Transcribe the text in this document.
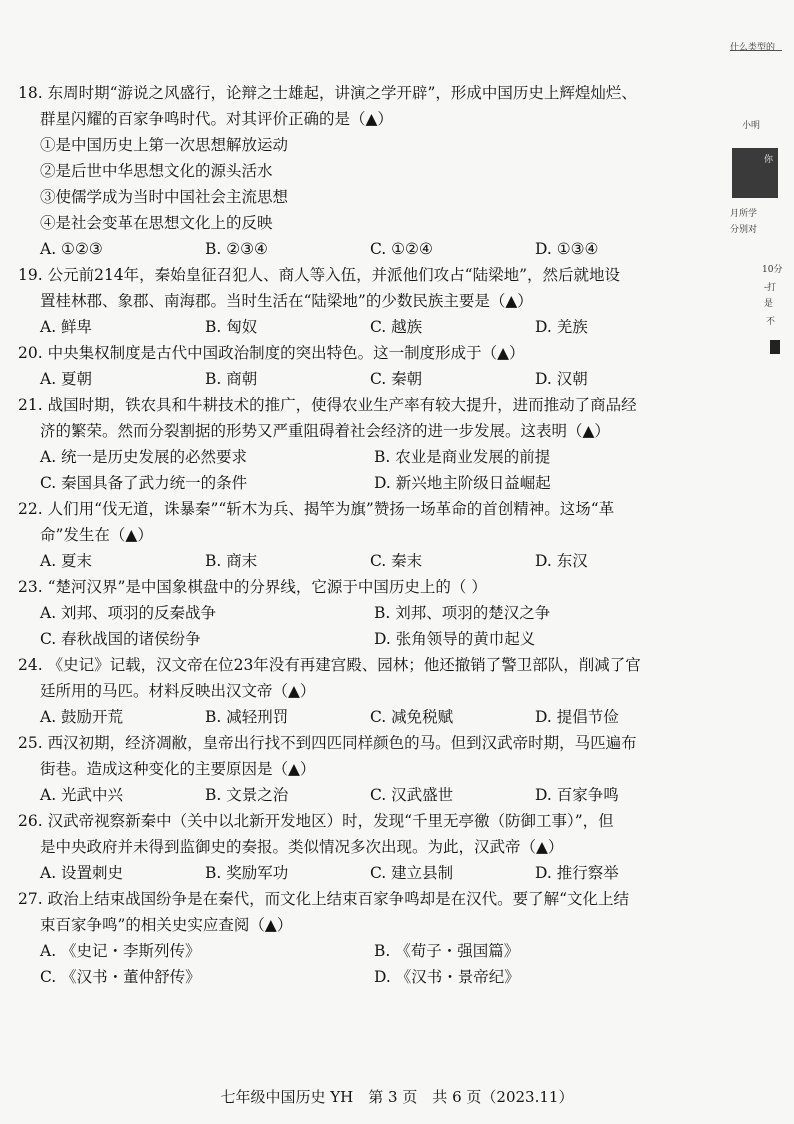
18. 东周时期“游说之风盛行，论辩之士雄起，讲演之学开辟”，形成中国历史上辉煌灿烂、
群星闪耀的百家争鸣时代。对其评价正确的是（▲）
①是中国历史上第一次思想解放运动
②是后世中华思想文化的源头活水
③使儒学成为当时中国社会主流思想
④是社会变革在思想文化上的反映
A. ①②③	B. ②③④	C. ①②④	D. ①③④
19. 公元前214年，秦始皇征召犯人、商人等入伍，并派他们攻占“陆梁地”，然后就地设
置桂林郡、象郡、南海郡。当时生活在“陆梁地”的少数民族主要是（▲）
A. 鲜卑	B. 匈奴	C. 越族	D. 羌族
20. 中央集权制度是古代中国政治制度的突出特色。这一制度形成于（▲）
A. 夏朝	B. 商朝	C. 秦朝	D. 汉朝
21. 战国时期，铁农具和牛耕技术的推广，使得农业生产率有较大提升，进而推动了商品经
济的繁荣。然而分裂割据的形势又严重阻碍着社会经济的进一步发展。这表明（▲）
A. 统一是历史发展的必然要求	B. 农业是商业发展的前提
C. 秦国具备了武力统一的条件	D. 新兴地主阶级日益崛起
22. 人们用“伐无道，诛暴秦”“斩木为兵、揭竿为旗”赞扬一场革命的首创精神。这场“革
命”发生在（▲）
A. 夏末	B. 商末	C. 秦末	D. 东汉
23. “楚河汉界”是中国象棋盘中的分界线，它源于中国历史上的（ ）
A. 刘邦、项羽的反秦战争	B. 刘邦、项羽的楚汉之争
C. 春秋战国的诸侯纷争	D. 张角领导的黄巾起义
24. 《史记》记载，汉文帝在位23年没有再建宫殿、园林；他还撤销了警卫部队，削减了官
廷所用的马匹。材料反映出汉文帝（▲）
A. 鼓励开荒	B. 减轻刑罚	C. 减免税赋	D. 提倡节俭
25. 西汉初期，经济凋敝，皇帝出行找不到四匹同样颜色的马。但到汉武帝时期，马匹遍布
街巷。造成这种变化的主要原因是（▲）
A. 光武中兴	B. 文景之治	C. 汉武盛世	D. 百家争鸣
26. 汉武帝视察新秦中（关中以北新开发地区）时，发现“千里无亭徼（防御工事）”，但
是中央政府并未得到监御史的奏报。类似情况多次出现。为此，汉武帝（▲）
A. 设置刺史	B. 奖励军功	C. 建立县制	D. 推行察举
27. 政治上结束战国纷争是在秦代，而文化上结束百家争鸣却是在汉代。要了解“文化上结
束百家争鸣”的相关史实应查阅（▲）
A. 《史记・李斯列传》	B. 《荀子・强国篇》
C. 《汉书・董仲舒传》	D. 《汉书・景帝纪》
七年级中国历史 YH　第 3 页　共 6 页（2023.11）
什么类型的
小明
你
月所学
分别对
10分
-打
是
不
